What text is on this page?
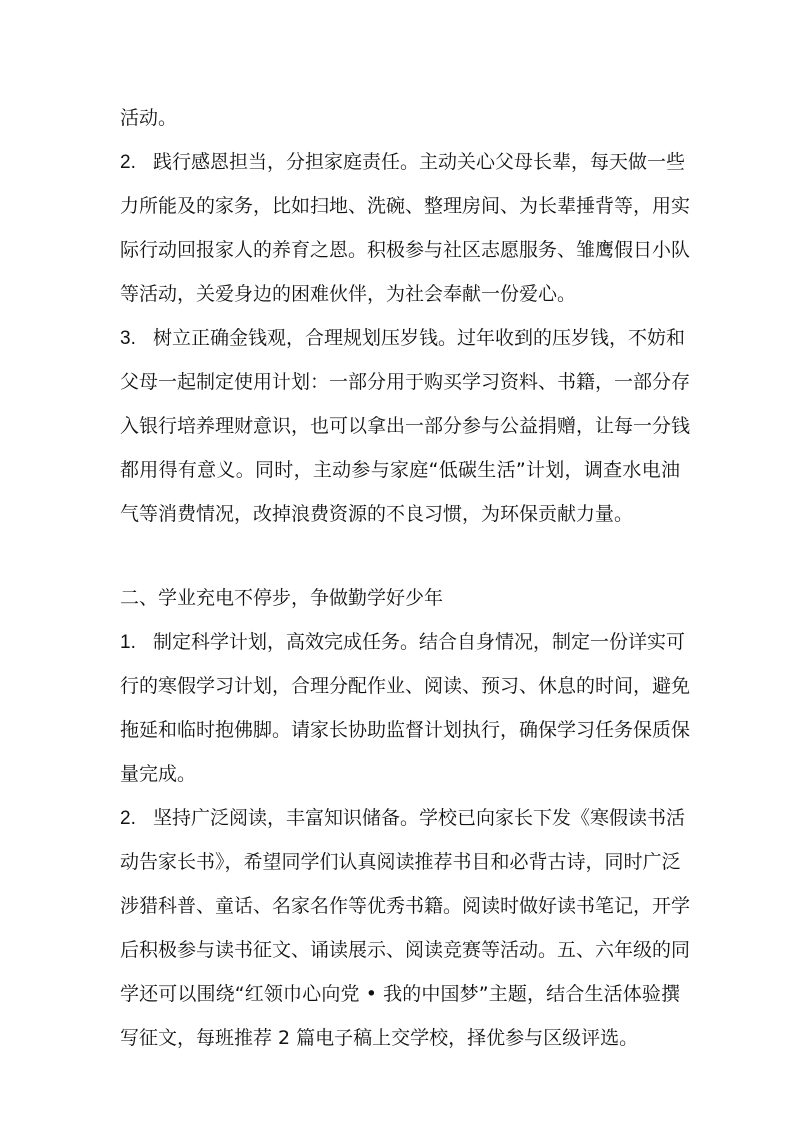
活动。
2. 践行感恩担当，分担家庭责任。主动关心父母长辈，每天做一些
力所能及的家务，比如扫地、洗碗、整理房间、为长辈捶背等，用实
际行动回报家人的养育之恩。积极参与社区志愿服务、雏鹰假日小队
等活动，关爱身边的困难伙伴，为社会奉献一份爱心。
3. 树立正确金钱观，合理规划压岁钱。过年收到的压岁钱，不妨和
父母一起制定使用计划：一部分用于购买学习资料、书籍，一部分存
入银行培养理财意识，也可以拿出一部分参与公益捐赠，让每一分钱
都用得有意义。同时，主动参与家庭“低碳生活”计划，调查水电油
气等消费情况，改掉浪费资源的不良习惯，为环保贡献力量。
二、学业充电不停步，争做勤学好少年
1. 制定科学计划，高效完成任务。结合自身情况，制定一份详实可
行的寒假学习计划，合理分配作业、阅读、预习、休息的时间，避免
拖延和临时抱佛脚。请家长协助监督计划执行，确保学习任务保质保
量完成。
2. 坚持广泛阅读，丰富知识储备。学校已向家长下发《寒假读书活
动告家长书》，希望同学们认真阅读推荐书目和必背古诗，同时广泛
涉猎科普、童话、名家名作等优秀书籍。阅读时做好读书笔记，开学
后积极参与读书征文、诵读展示、阅读竞赛等活动。五、六年级的同
学还可以围绕“红领巾心向党 • 我的中国梦”主题，结合生活体验撰
写征文，每班推荐 2 篇电子稿上交学校，择优参与区级评选。
